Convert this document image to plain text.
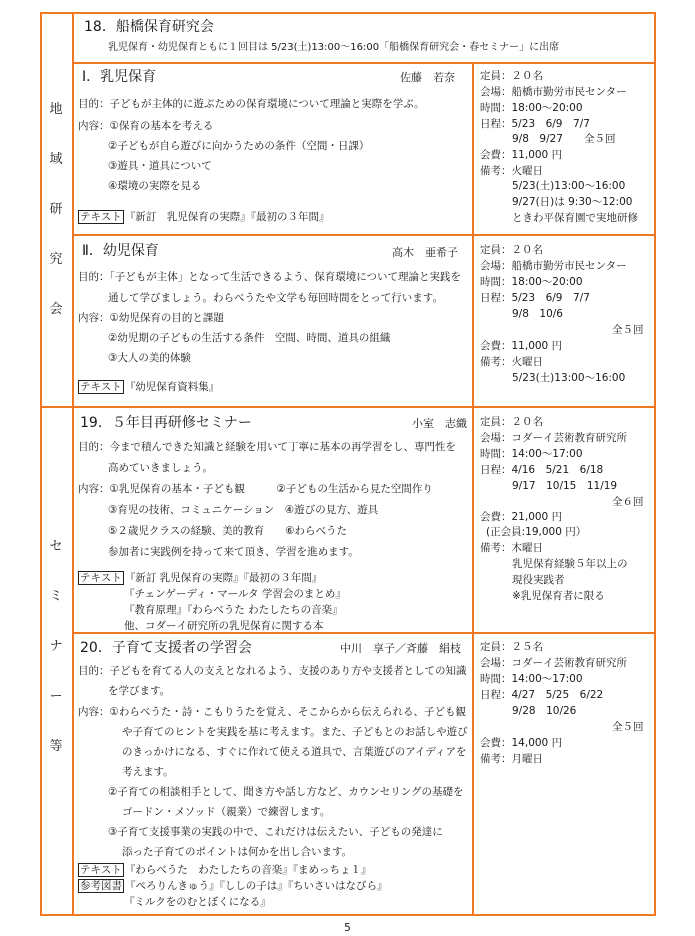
地
域
研
究
会
セ
ミ
ナ
ー
等
18．船橋保育研究会
乳児保育・幼児保育ともに１回目は 5/23(土)13:00〜16:00「船橋保育研究会・春セミナー」に出席
Ⅰ．乳児保育	佐藤　若奈
目的：子どもが主体的に遊ぶための保育環境について理論と実際を学ぶ。
内容：①保育の基本を考える
②子どもが自ら遊びに向かうための条件（空間・日課）
③遊具・道具について
④環境の実際を見る
テキスト 『新訂　乳児保育の実際』『最初の３年間』
定員：２０名
会場：船橋市勤労市民センター
時間：18:00〜20:00
日程：5/23　6/9　7/7
9/8　9/27　　全５回
会費：11,000 円
備考：火曜日
5/23(土)13:00〜16:00
9/27(日)は 9:30〜12:00
ときわ平保育園で実地研修
Ⅱ．幼児保育	高木　亜希子
目的：「子どもが主体」となって生活できるよう、保育環境について理論と実践を
通して学びましょう。わらべうたや文学も毎回時間をとって行います。
内容：①幼児保育の目的と課題
②幼児期の子どもの生活する条件　空間、時間、道具の組織
③大人の美的体験
テキスト 『幼児保育資料集』
定員：２０名
会場：船橋市勤労市民センター
時間：18:00〜20:00
日程：5/23　6/9　7/7
9/8　10/6
全５回
会費：11,000 円
備考：火曜日
5/23(土)13:00〜16:00
19．５年目再研修セミナー	小室　志織
目的：今まで積んできた知識と経験を用いて丁寧に基本の再学習をし、専門性を
高めていきましょう。
内容：①乳児保育の基本・子ども観　　　②子どもの生活から見た空間作り
③育児の技術、コミュニケーション　④遊びの見方、遊具
⑤２歳児クラスの経験、美的教育　　⑥わらべうた
参加者に実践例を持って来て頂き、学習を進めます。
テキスト 『新訂 乳児保育の実際』『最初の３年間』
『チェンゲーディ・マールタ 学習会のまとめ』
『教育原理』『わらべうた わたしたちの音楽』
他、コダーイ研究所の乳児保育に関する本
定員：２０名
会場：コダーイ芸術教育研究所
時間：14:00〜17:00
日程：4/16　5/21　6/18
9/17　10/15　11/19
全６回
会費：21,000 円
(正会員:19,000 円）
備考：木曜日
乳児保育経験５年以上の
現役実践者
※乳児保育者に限る
20．子育て支援者の学習会	中川　享子／斉藤　絹枝
目的：子どもを育てる人の支えとなれるよう、支援のあり方や支援者としての知識
を学びます。
内容：①わらべうた・詩・こもりうたを覚え、そこからから伝えられる、子ども観
や子育てのヒントを実践を基に考えます。また、子どもとのお話しや遊び
のきっかけになる、すぐに作れて使える道具で、言葉遊びのアイディアを
考えます。
②子育ての相談相手として、聞き方や話し方など、カウンセリングの基礎を
ゴードン・メソッド（親業）で練習します。
③子育て支援事業の実践の中で、これだけは伝えたい、子どもの発達に
添った子育てのポイントは何かを出し合います。
テキスト 『わらべうた　わたしたちの音楽』『まめっちょ１』
参考図書 『ぺろりんきゅう』『ししの子は』『ちいさいはなびら』
『ミルクをのむとぼくになる』
定員：２５名
会場：コダーイ芸術教育研究所
時間：14:00〜17:00
日程：4/27　5/25　6/22
9/28　10/26
全５回
会費：14,000 円
備考：月曜日
5
